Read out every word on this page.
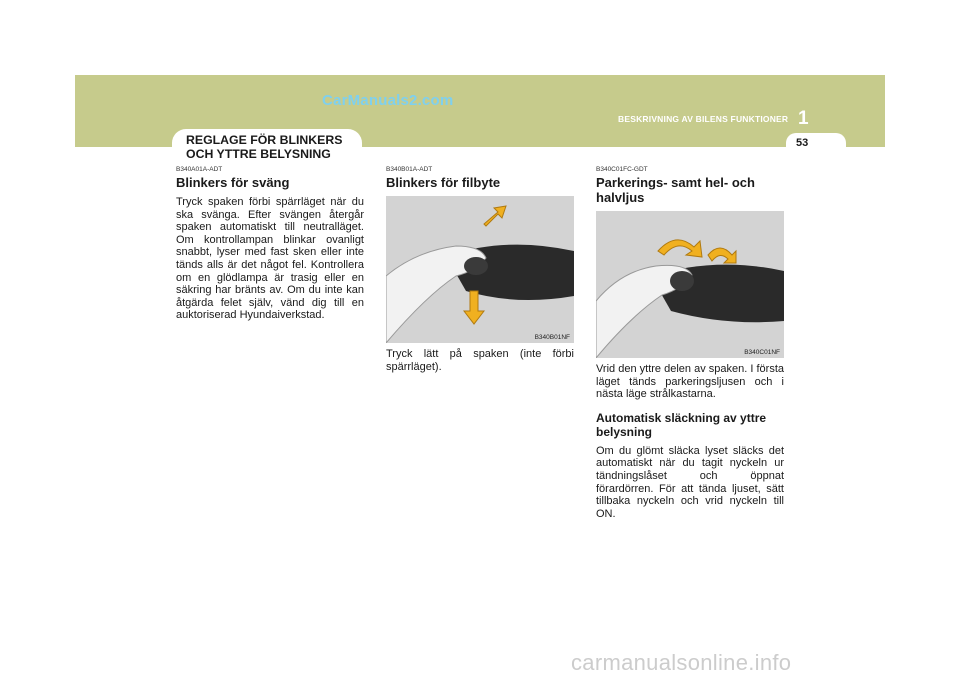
CarManuals2.com
BESKRIVNING AV BILENS FUNKTIONER 1
53
REGLAGE FÖR BLINKERS
OCH YTTRE BELYSNING
B340A01A-ADT
Blinkers för sväng

Tryck spaken förbi spärrläget när du ska svänga. Efter svängen återgår spaken automatiskt till neutralläget. Om kontrollampan blinkar ovanligt snabbt, lyser med fast sken eller inte tänds alls är det något fel. Kontrollera om en glödlampa är trasig eller en säkring har bränts av. Om du inte kan åtgärda felet själv, vänd dig till en auktoriserad Hyundaiverkstad.

B340B01A-ADT
Blinkers för filbyte
B340B01NF

Tryck lätt på spaken (inte förbi spärrläget).

B340C01FC-GDT
Parkerings- samt hel- och
halvljus
B340C01NF

Vrid den yttre delen av spaken. I första läget tänds parkeringsljusen och i nästa läge strålkastarna.

Automatisk släckning av yttre belysning

Om du glömt släcka lyset släcks det automatiskt när du tagit nyckeln ur tändningslåset och öppnat förardörren. För att tända ljuset, sätt tillbaka nyckeln och vrid nyckeln till ON.

carmanualsonline.info
